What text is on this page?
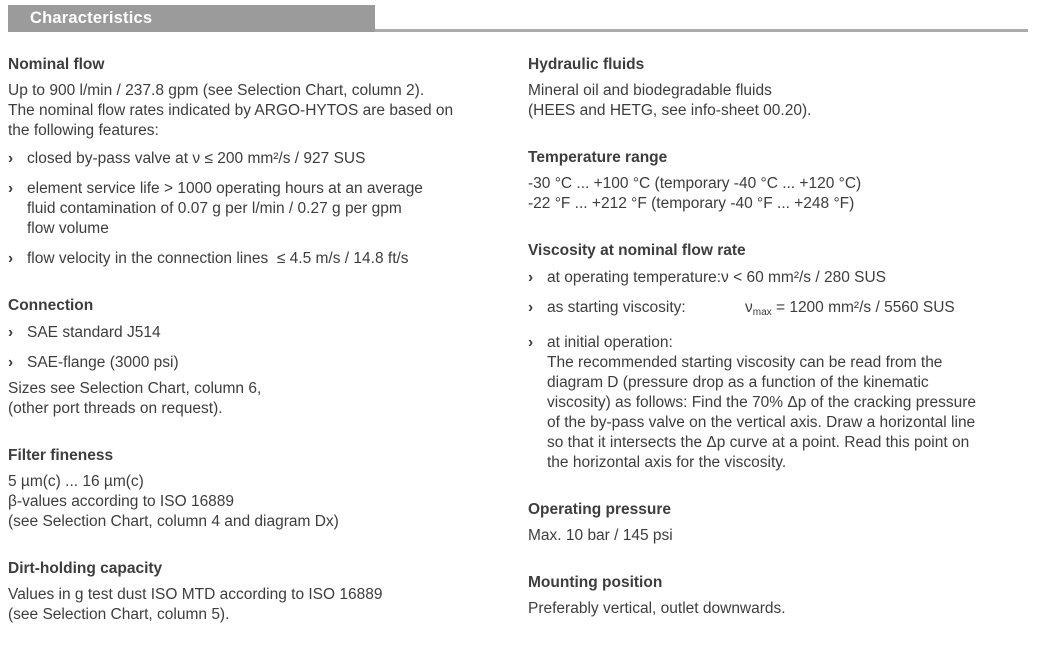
Characteristics
Nominal flow
Up to 900 l/min / 237.8 gpm (see Selection Chart, column 2).
The nominal flow rates indicated by ARGO-HYTOS are based on
the following features:
› closed by-pass valve at ν ≤ 200 mm²/s / 927 SUS
› element service life > 1000 operating hours at an average
fluid contamination of 0.07 g per l/min / 0.27 g per gpm
flow volume
› flow velocity in the connection lines  ≤ 4.5 m/s / 14.8 ft/s
Connection
› SAE standard J514
› SAE-flange (3000 psi)
Sizes see Selection Chart, column 6,
(other port threads on request).
Filter fineness
5 µm(c) ... 16 µm(c)
β-values according to ISO 16889
(see Selection Chart, column 4 and diagram Dx)
Dirt-holding capacity
Values in g test dust ISO MTD according to ISO 16889
(see Selection Chart, column 5).
Hydraulic fluids
Mineral oil and biodegradable fluids
(HEES and HETG, see info-sheet 00.20).
Temperature range
-30 °C ... +100 °C (temporary -40 °C ... +120 °C)
-22 °F ... +212 °F (temporary -40 °F ... +248 °F)
Viscosity at nominal flow rate
› at operating temperature:ν < 60 mm²/s / 280 SUS
› as starting viscosity:	$\nu_{max} = 1200$ mm²/s / 5560 SUS
› at initial operation:
The recommended starting viscosity can be read from the
diagram D (pressure drop as a function of the kinematic
viscosity) as follows: Find the 70% Δp of the cracking pressure
of the by-pass valve on the vertical axis. Draw a horizontal line
so that it intersects the Δp curve at a point. Read this point on
the horizontal axis for the viscosity.
Operating pressure
Max. 10 bar / 145 psi
Mounting position
Preferably vertical, outlet downwards.
